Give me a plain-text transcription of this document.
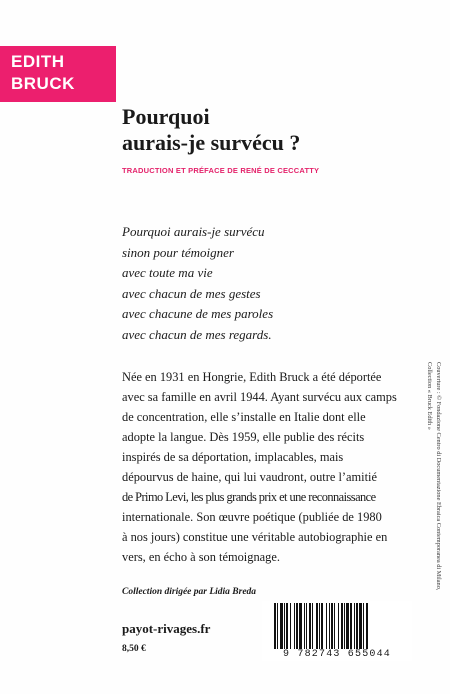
EDITH
BRUCK
Pourquoi
aurais-je survécu ?
TRADUCTION ET PRÉFACE DE RENÉ DE CECCATTY
Pourquoi aurais-je survécu
sinon pour témoigner
avec toute ma vie
avec chacun de mes gestes
avec chacune de mes paroles
avec chacun de mes regards.
Née en 1931 en Hongrie, Edith Bruck a été déportée
avec sa famille en avril 1944. Ayant survécu aux camps
de concentration, elle s’installe en Italie dont elle
adopte la langue. Dès 1959, elle publie des récits
inspirés de sa déportation, implacables, mais
dépourvus de haine, qui lui vaudront, outre l’amitié
de Primo Levi, les plus grands prix et une reconnaissance
internationale. Son œuvre poétique (publiée de 1980
à nos jours) constitue une véritable autobiographie en
vers, en écho à son témoignage.
Collection dirigée par Lidia Breda
payot-rivages.fr
8,50 €	9 782743 655044
Couverture : © Fondazione Centro di Documentazione Ebraica Contemporanea di Milano,
Collection « Bruck Edith »
